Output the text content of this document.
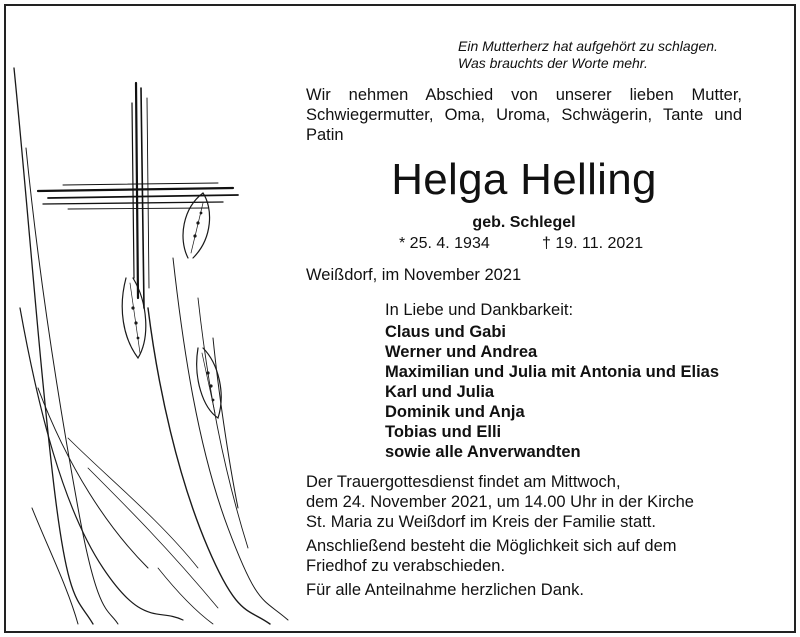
Ein Mutterherz hat aufgehört zu schlagen.
Was brauchts der Worte mehr.
Wir nehmen Abschied von unserer lieben Mutter, Schwiegermutter, Oma, Uroma, Schwägerin, Tante und Patin
Helga Helling
geb. Schlegel
* 25. 4. 1934	† 19. 11. 2021
Weißdorf, im November 2021
In Liebe und Dankbarkeit:
Claus und Gabi
Werner und Andrea
Maximilian und Julia mit Antonia und Elias
Karl und Julia
Dominik und Anja
Tobias und Elli
sowie alle Anverwandten
Der Trauergottesdienst findet am Mittwoch,
dem 24. November 2021, um 14.00 Uhr in der Kirche
St. Maria zu Weißdorf im Kreis der Familie statt.
Anschließend besteht die Möglichkeit sich auf dem
Friedhof zu verabschieden.
Für alle Anteilnahme herzlichen Dank.
